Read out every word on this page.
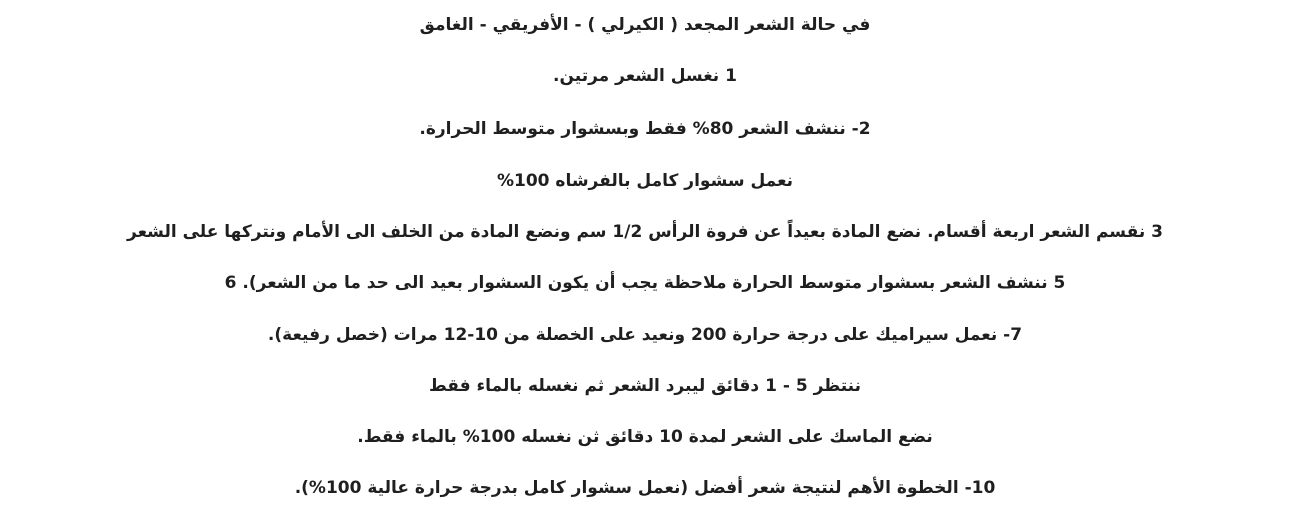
في حالة الشعر المجعد ( الكيرلي ) - الأفريقي - الغامق
1 نغسل الشعر مرتين.
2- ننشف الشعر 80% فقط وبسشوار متوسط الحرارة.
نعمل سشوار كامل بالفرشاه 100%
3 نقسم الشعر اربعة أقسام. نضع المادة بعيداً عن فروة الرأس 1/2 سم ونضع المادة من الخلف الى الأمام ونتركها على الشعر
5 ننشف الشعر بسشوار متوسط الحرارة ملاحظة يجب أن يكون السشوار بعيد الى حد ما من الشعر). 6
7- نعمل سيراميك على درجة حرارة 200 ونعيد على الخصلة من 10-12 مرات (خصل رفيعة).
ننتظر 5 - 1 دقائق ليبرد الشعر ثم نغسله بالماء فقط
نضع الماسك على الشعر لمدة 10 دقائق ثن نغسله 100% بالماء فقط.
10- الخطوة الأهم لنتيجة شعر أفضل (نعمل سشوار كامل بدرجة حرارة عالية 100%).
